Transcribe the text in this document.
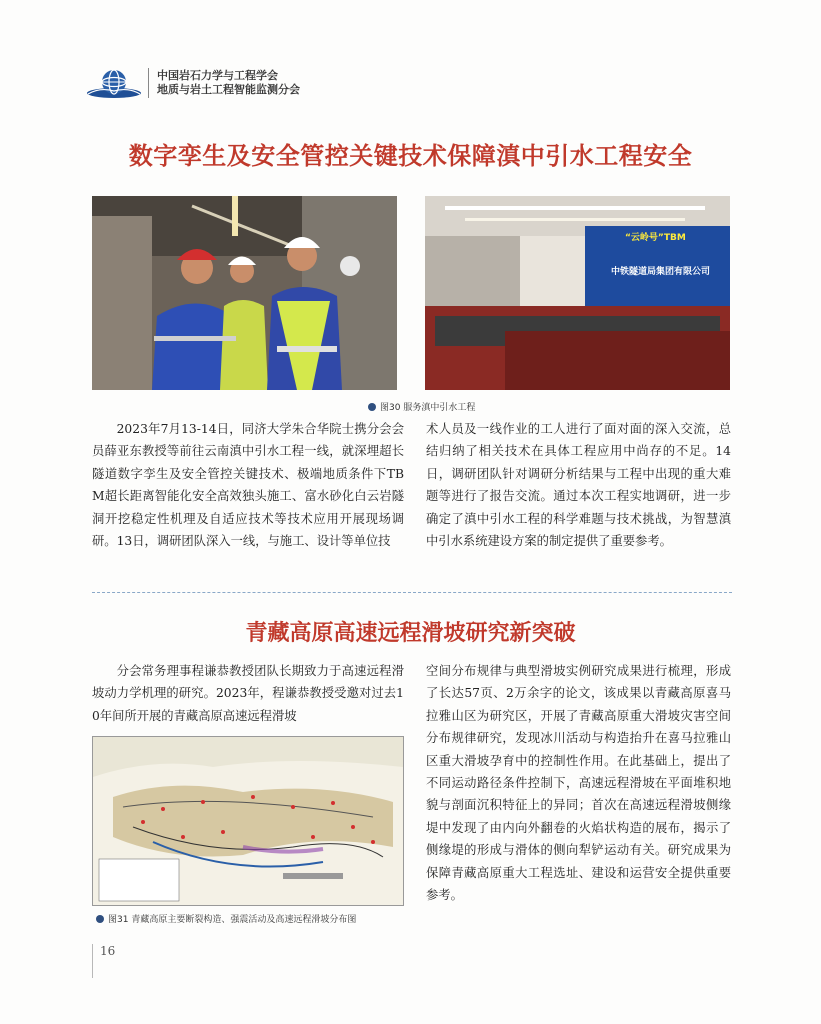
中国岩石力学与工程学会
地质与岩土工程智能监测分会
数字孪生及安全管控关键技术保障滇中引水工程安全
“云岭号”TBM
中铁隧道局集团有限公司
图30 服务滇中引水工程
2023年7月13-14日，同济大学朱合华院士携分会会员薛亚东教授等前往云南滇中引水工程一线，就深埋超长隧道数字孪生及安全管控关键技术、极端地质条件下TBM超长距离智能化安全高效独头施工、富水砂化白云岩隧洞开挖稳定性机理及自适应技术等技术应用开展现场调研。13日，调研团队深入一线，与施工、设计等单位技
术人员及一线作业的工人进行了面对面的深入交流，总结归纳了相关技术在具体工程应用中尚存的不足。14日，调研团队针对调研分析结果与工程中出现的重大难题等进行了报告交流。通过本次工程实地调研，进一步确定了滇中引水工程的科学难题与技术挑战，为智慧滇中引水系统建设方案的制定提供了重要参考。
青藏高原高速远程滑坡研究新突破
分会常务理事程谦恭教授团队长期致力于高速远程滑坡动力学机理的研究。2023年，程谦恭教授受邀对过去10年间所开展的青藏高原高速远程滑坡
图31 青藏高原主要断裂构造、强震活动及高速远程滑坡分布图
空间分布规律与典型滑坡实例研究成果进行梳理，形成了长达57页、2万余字的论文，该成果以青藏高原喜马拉雅山区为研究区，开展了青藏高原重大滑坡灾害空间分布规律研究，发现冰川活动与构造抬升在喜马拉雅山区重大滑坡孕育中的控制性作用。在此基础上，提出了不同运动路径条件控制下，高速远程滑坡在平面堆积地貌与剖面沉积特征上的异同；首次在高速远程滑坡侧缘堤中发现了由内向外翻卷的火焰状构造的展布，揭示了侧缘堤的形成与滑体的侧向犁铲运动有关。研究成果为保障青藏高原重大工程选址、建设和运营安全提供重要参考。
16
